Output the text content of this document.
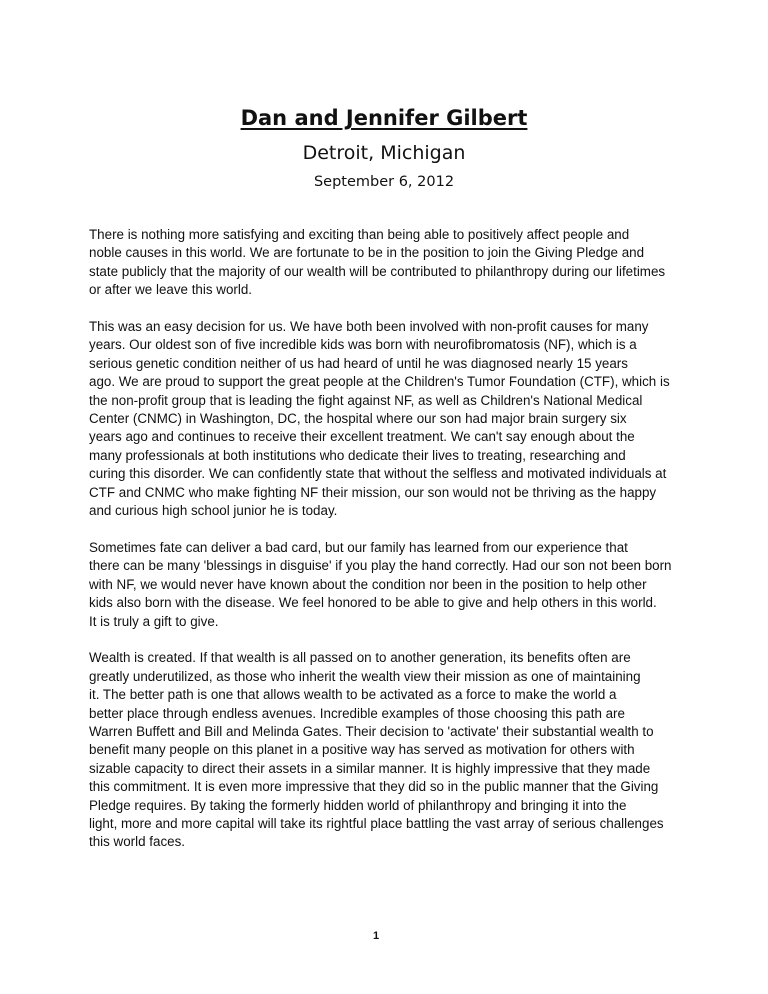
Dan and Jennifer Gilbert
Detroit, Michigan
September 6, 2012

There is nothing more satisfying and exciting than being able to positively affect people and

noble causes in this world. We are fortunate to be in the position to join the Giving Pledge and

state publicly that the majority of our wealth will be contributed to philanthropy during our lifetimes

or after we leave this world.

This was an easy decision for us. We have both been involved with non-profit causes for many

years. Our oldest son of five incredible kids was born with neurofibromatosis (NF), which is a

serious genetic condition neither of us had heard of until he was diagnosed nearly 15 years

ago. We are proud to support the great people at the Children's Tumor Foundation (CTF), which is

the non-profit group that is leading the fight against NF, as well as Children's National Medical

Center (CNMC) in Washington, DC, the hospital where our son had major brain surgery six

years ago and continues to receive their excellent treatment. We can't say enough about the

many professionals at both institutions who dedicate their lives to treating, researching and

curing this disorder. We can confidently state that without the selfless and motivated individuals at

CTF and CNMC who make fighting NF their mission, our son would not be thriving as the happy

and curious high school junior he is today.

Sometimes fate can deliver a bad card, but our family has learned from our experience that

there can be many 'blessings in disguise' if you play the hand correctly. Had our son not been born

with NF, we would never have known about the condition nor been in the position to help other

kids also born with the disease. We feel honored to be able to give and help others in this world.

It is truly a gift to give.

Wealth is created. If that wealth is all passed on to another generation, its benefits often are

greatly underutilized, as those who inherit the wealth view their mission as one of maintaining

it. The better path is one that allows wealth to be activated as a force to make the world a

better place through endless avenues. Incredible examples of those choosing this path are

Warren Buffett and Bill and Melinda Gates. Their decision to 'activate' their substantial wealth to

benefit many people on this planet in a positive way has served as motivation for others with

sizable capacity to direct their assets in a similar manner. It is highly impressive that they made

this commitment. It is even more impressive that they did so in the public manner that the Giving

Pledge requires. By taking the formerly hidden world of philanthropy and bringing it into the

light, more and more capital will take its rightful place battling the vast array of serious challenges

this world faces.

1
